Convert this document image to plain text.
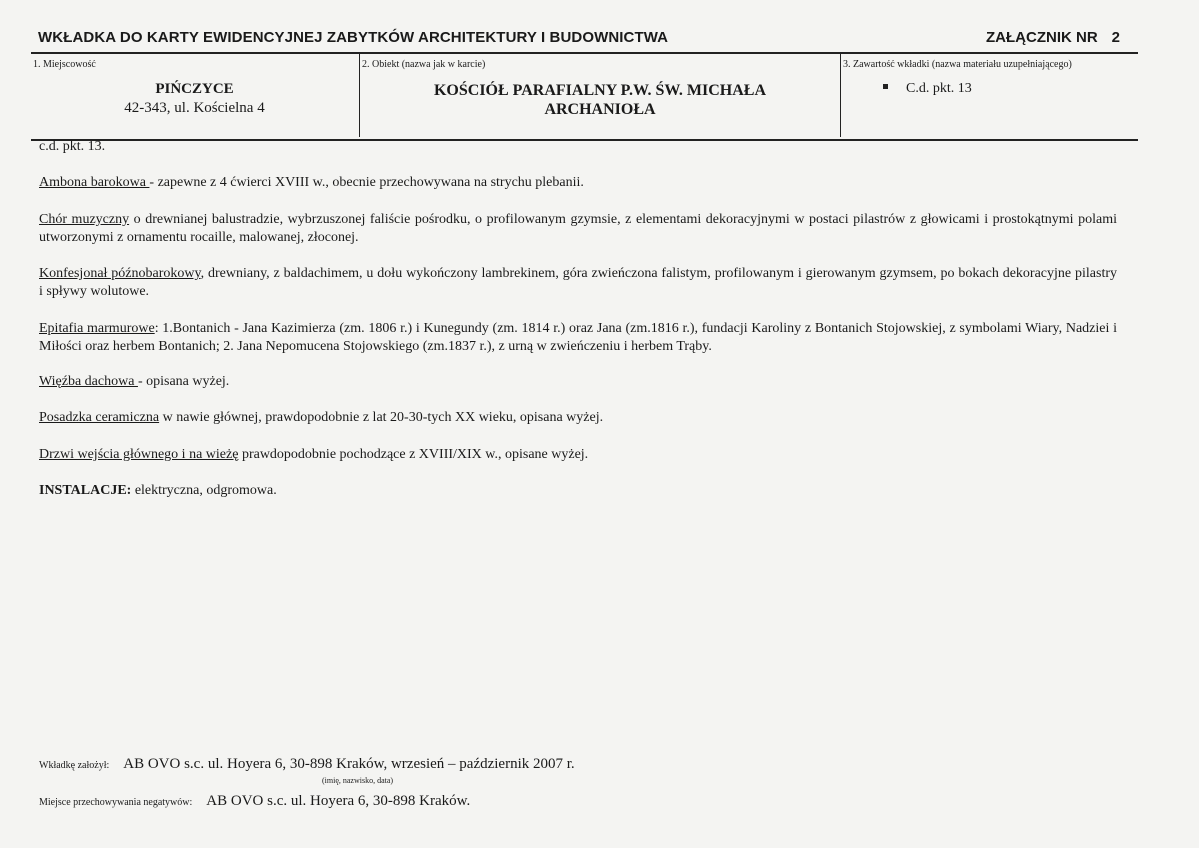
WKŁADKA DO KARTY EWIDENCYJNEJ ZABYTKÓW ARCHITEKTURY I BUDOWNICTWA	ZAŁĄCZNIK NR 2
1. Miejscowość
PIŃCZYCE
42-343, ul. Kościelna 4
2. Obiekt (nazwa jak w karcie)
KOŚCIÓŁ PARAFIALNY P.W. ŚW. MICHAŁA ARCHANIOŁA
3. Zawartość wkładki (nazwa materiału uzupełniającego)
C.d. pkt. 13
c.d. pkt. 13.
Ambona barokowa - zapewne z 4 ćwierci XVIII w., obecnie przechowywana na strychu plebanii.
Chór muzyczny o drewnianej balustradzie, wybrzuszonej faliście pośrodku, o profilowanym gzymsie, z elementami dekoracyjnymi w postaci pilastrów z głowicami i prostokątnymi polami utworzonymi z ornamentu rocaille, malowanej, złoconej.
Konfesjonał późnobarokowy, drewniany, z baldachimem, u dołu wykończony lambrekinem, góra zwieńczona falistym, profilowanym i gierowanym gzymsem, po bokach dekoracyjne pilastry i spływy wolutowe.
Epitafia marmurowe: 1.Bontanich - Jana Kazimierza (zm. 1806 r.) i Kunegundy (zm. 1814 r.) oraz Jana (zm.1816 r.), fundacji Karoliny z Bontanich Stojowskiej, z symbolami Wiary, Nadziei i Miłości oraz herbem Bontanich; 2. Jana Nepomucena Stojowskiego (zm.1837 r.), z urną w zwieńczeniu i herbem Trąby.
Więźba dachowa - opisana wyżej.
Posadzka ceramiczna w nawie głównej, prawdopodobnie z lat 20-30-tych XX wieku, opisana wyżej.
Drzwi wejścia głównego i na wieżę prawdopodobnie pochodzące z XVIII/XIX w., opisane wyżej.
INSTALACJE: elektryczna, odgromowa.
Wkładkę założył: AB OVO s.c. ul. Hoyera 6, 30-898 Kraków, wrzesień – październik 2007 r.
(imię, nazwisko, data)
Miejsce przechowywania negatywów: AB OVO s.c. ul. Hoyera 6, 30-898 Kraków.
